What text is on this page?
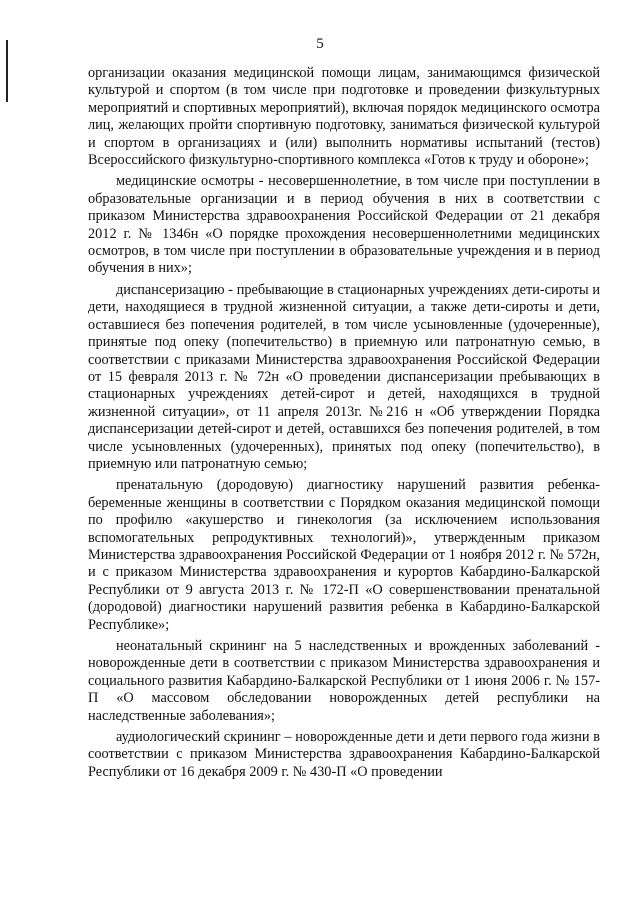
5

организации оказания медицинской помощи лицам, занимающимся физической культурой и спортом (в том числе при подготовке и проведении физкультурных мероприятий и спортивных мероприятий), включая порядок медицинского осмотра лиц, желающих пройти спортивную подготовку, заниматься физической культурой и спортом в организациях и (или) выполнить нормативы испытаний (тестов) Всероссийского физкультурно-спортивного комплекса «Готов к труду и обороне»;

медицинские осмотры - несовершеннолетние, в том числе при поступлении в образовательные организации и в период обучения в них в соответствии с приказом Министерства здравоохранения Российской Федерации от 21 декабря 2012 г. № 1346н «О порядке прохождения несовершеннолетними медицинских осмотров, в том числе при поступлении в образовательные учреждения и в период обучения в них»;

диспансеризацию - пребывающие в стационарных учреждениях дети-сироты и дети, находящиеся в трудной жизненной ситуации, а также дети-сироты и дети, оставшиеся без попечения родителей, в том числе усыновленные (удочеренные), принятые под опеку (попечительство) в приемную или патронатную семью, в соответствии с приказами Министерства здравоохранения Российской Федерации от 15 февраля 2013 г. № 72н «О проведении диспансеризации пребывающих в стационарных учреждениях детей-сирот и детей, находящихся в трудной жизненной ситуации», от 11 апреля 2013г. №216 н «Об утверждении Порядка диспансеризации детей-сирот и детей, оставшихся без попечения родителей, в том числе усыновленных (удочеренных), принятых под опеку (попечительство), в приемную или патронатную семью;

пренатальную (дородовую) диагностику нарушений развития ребенка-беременные женщины в соответствии с Порядком оказания медицинской помощи по профилю «акушерство и гинекология (за исключением использования вспомогательных репродуктивных технологий)», утвержденным приказом Министерства здравоохранения Российской Федерации от 1 ноября 2012 г. № 572н, и с приказом Министерства здравоохранения и курортов Кабардино-Балкарской Республики от 9 августа 2013 г. № 172-П «О совершенствовании пренатальной (дородовой) диагностики нарушений развития ребенка в Кабардино-Балкарской Республике»;

неонатальный скрининг на 5 наследственных и врожденных заболеваний - новорожденные дети в соответствии с приказом Министерства здравоохранения и социального развития Кабардино-Балкарской Республики от 1 июня 2006 г. № 157-П «О массовом обследовании новорожденных детей республики на наследственные заболевания»;

аудиологический скрининг – новорожденные дети и дети первого года жизни в соответствии с приказом Министерства здравоохранения Кабардино-Балкарской Республики от 16 декабря 2009 г. № 430-П «О проведении
